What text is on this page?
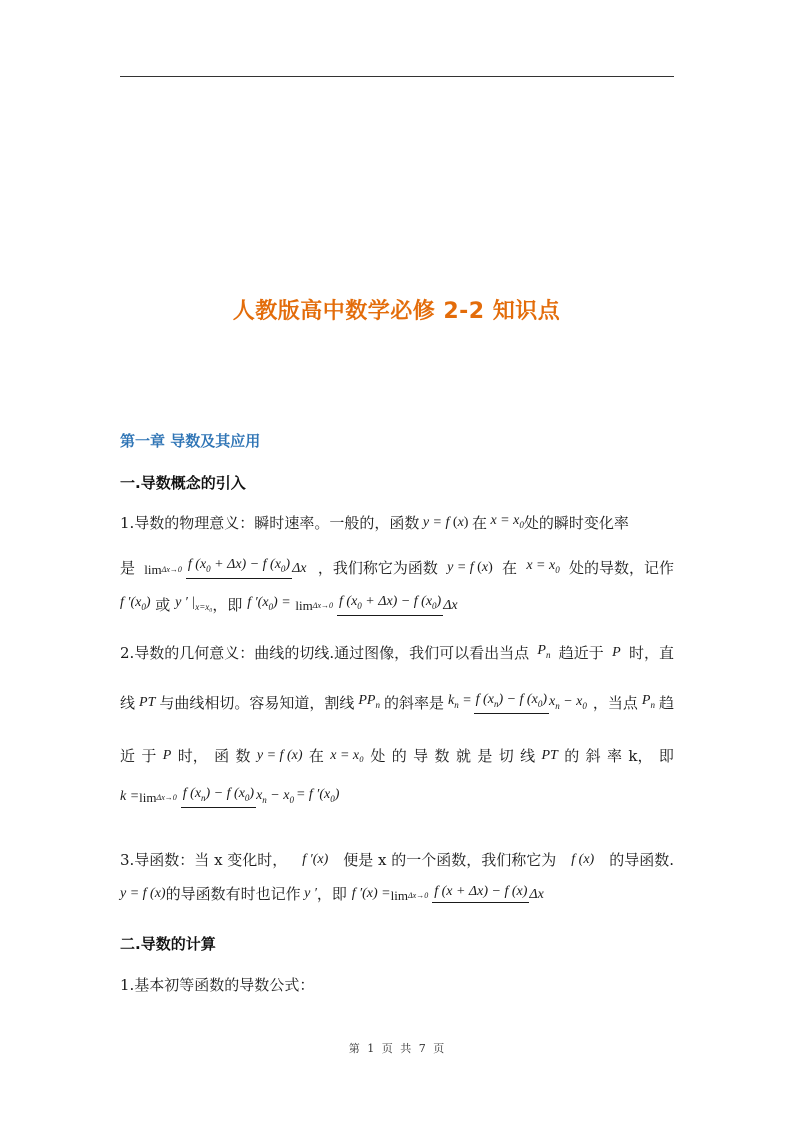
人教版高中数学必修 2-2 知识点
第一章 导数及其应用
一.导数概念的引入
1.导数的物理意义：瞬时速率。一般的，函数 y = f (x) 在 $x = x_0$处的瞬时变化率
是 limΔx→0 f $(x_0 + \Delta x) - f$ $(x_0)$ Δx ，我们称它为函数 y = f (x) 在 $x = x_0$ 处的导数，记作
f $'(x_0)$ 或 y ′ $|_{x=x_0}$，即 f $'(x_0) = \lim\Delta x\to 0$ f $(x_0 + \Delta x) - f$ $(x_0)$ Δx
2.导数的几何意义：曲线的切线.通过图像，我们可以看出当点 $P_n$ 趋近于 P 时，直
线 PT 与曲线相切。容易知道，割线 $PP_n$ 的斜率是 $k_n =f$ $(x_n) - f$ $(x_0) x_n - x_0$ ，当点 $P_n$ 趋
近 于 P 时， 函 数 y = f (x) 在 x = x₀ 处 的 导 数 就 是 切 线 PT 的 斜 率 k， 即
k =limΔx→0 f $(x_n) - f$ $(x_0) x_n - x_0= f$ $'(x_0)$
3.导函数：当 x 变化时， f ′(x) 便是 x 的一个函数，我们称它为 f (x) 的导函数.
y = f (x)的导函数有时也记作 y ′，即 f ′(x) =limΔx→0 f (x + Δx) − f (x) Δx
二.导数的计算
1.基本初等函数的导数公式：
第 1 页 共 7 页
